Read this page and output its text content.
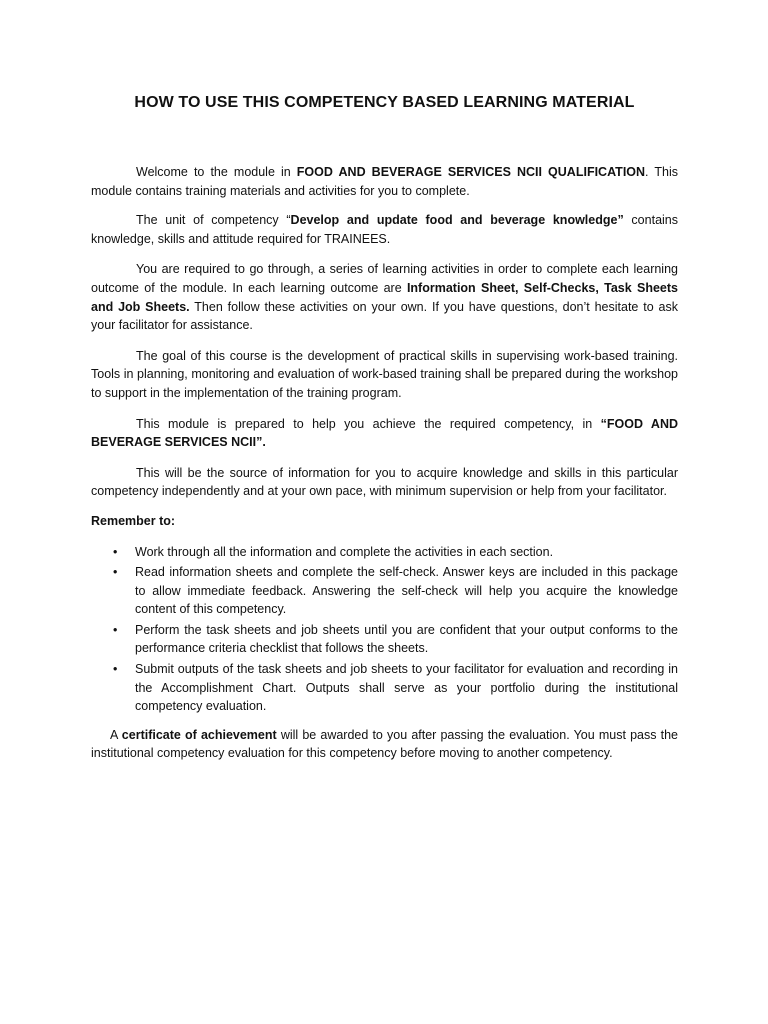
HOW TO USE THIS COMPETENCY BASED LEARNING MATERIAL

Welcome to the module in FOOD AND BEVERAGE SERVICES NCII QUALIFICATION. This module contains training materials and activities for you to complete.

The unit of competency “Develop and update food and beverage knowledge” contains knowledge, skills and attitude required for TRAINEES.

You are required to go through, a series of learning activities in order to complete each learning outcome of the module. In each learning outcome are Information Sheet, Self-Checks, Task Sheets and Job Sheets. Then follow these activities on your own. If you have questions, don’t hesitate to ask your facilitator for assistance.

The goal of this course is the development of practical skills in supervising work-based training. Tools in planning, monitoring and evaluation of work-based training shall be prepared during the workshop to support in the implementation of the training program.

This module is prepared to help you achieve the required competency, in “FOOD AND BEVERAGE SERVICES NCII”.

This will be the source of information for you to acquire knowledge and skills in this particular competency independently and at your own pace, with minimum supervision or help from your facilitator.

Remember to:

• Work through all the information and complete the activities in each section.
• Read information sheets and complete the self-check. Answer keys are included in this package to allow immediate feedback. Answering the self-check will help you acquire the knowledge content of this competency.
• Perform the task sheets and job sheets until you are confident that your output conforms to the performance criteria checklist that follows the sheets.
• Submit outputs of the task sheets and job sheets to your facilitator for evaluation and recording in the Accomplishment Chart. Outputs shall serve as your portfolio during the institutional competency evaluation.

A certificate of achievement will be awarded to you after passing the evaluation. You must pass the institutional competency evaluation for this competency before moving to another competency.
